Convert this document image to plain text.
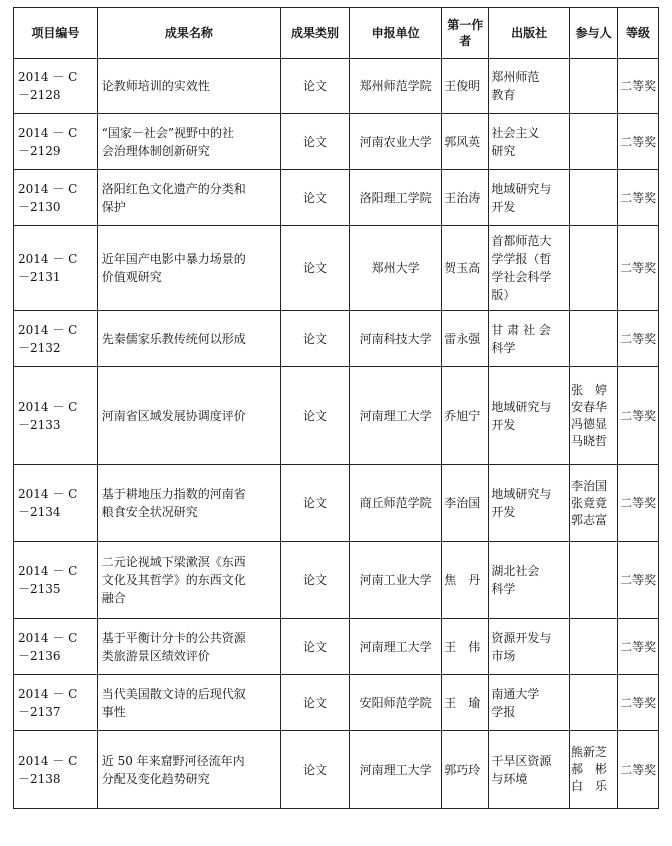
项目编号	成果名称	成果类别	申报单位	第一作者	出版社	参与人	等级

2014 － C
－2128	论教师培训的实效性	论文	郑州师范学院	王俊明	郑州师范
教育		二等奖

2014 － C
－2129	“国家－社会”视野中的社
会治理体制创新研究	论文	河南农业大学	郭风英	社会主义
研究		二等奖

2014 － C
－2130	洛阳红色文化遗产的分类和
保护	论文	洛阳理工学院	王治涛	地域研究与
开发		二等奖

2014 － C
－2131	近年国产电影中暴力场景的
价值观研究	论文	郑州大学	贺玉高	首都师范大
学学报（哲
学社会科学
版）		二等奖

2014 － C
－2132	先秦儒家乐教传统何以形成	论文	河南科技大学	雷永强	甘 肃 社 会
科学		二等奖

2014 － C
－2133	河南省区域发展协调度评价	论文	河南理工大学	乔旭宁	地域研究与
开发	张　婷
安春华
冯德显
马晓哲	二等奖

2014 － C
－2134	基于耕地压力指数的河南省
粮食安全状况研究	论文	商丘师范学院	李治国	地域研究与
开发	李治国
张竟竟
郭志富	二等奖

2014 － C
－2135	二元论视域下梁漱溟《东西
文化及其哲学》的东西文化
融合	论文	河南工业大学	焦　丹	湖北社会
科学		二等奖

2014 － C
－2136	基于平衡计分卡的公共资源
类旅游景区绩效评价	论文	河南理工大学	王　伟	资源开发与
市场		二等奖

2014 － C
－2137	当代美国散文诗的后现代叙
事性	论文	安阳师范学院	王　瑜	南通大学
学报		二等奖

2014 － C
－2138	近 50 年来窟野河径流年内
分配及变化趋势研究	论文	河南理工大学	郭巧玲	干旱区资源
与环境	熊新芝
郝　彬
白　乐	二等奖
